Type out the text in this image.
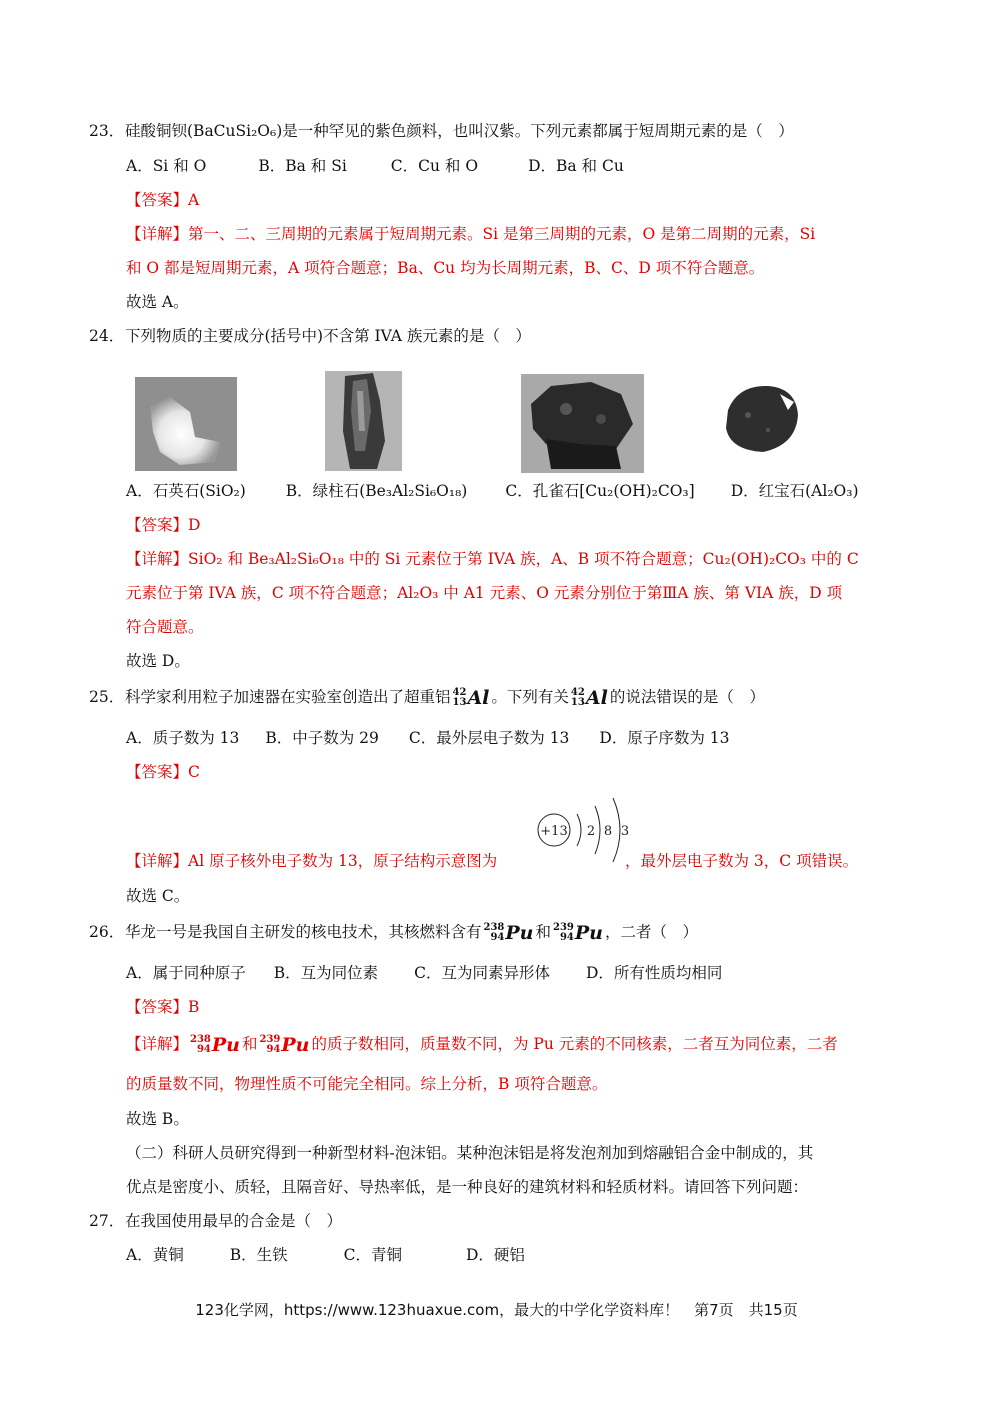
23．硅酸铜钡(BaCuSi₂O₆)是一种罕见的紫色颜料，也叫汉紫。下列元素都属于短周期元素的是（　）
A．Si 和 O	B．Ba 和 Si	C．Cu 和 O	D．Ba 和 Cu
【答案】A
【详解】第一、二、三周期的元素属于短周期元素。Si 是第三周期的元素，O 是第二周期的元素，Si
和 O 都是短周期元素，A 项符合题意；Ba、Cu 均为长周期元素，B、C、D 项不符合题意。
故选 A。
24．下列物质的主要成分(括号中)不含第 IVA 族元素的是（　）
A．石英石(SiO₂)	B．绿柱石(Be₃Al₂Si₆O₁₈) C．孔雀石[Cu₂(OH)₂CO₃] D．红宝石(Al₂O₃)
【答案】D
【详解】SiO₂ 和 Be₃Al₂Si₆O₁₈ 中的 Si 元素位于第 IVA 族，A、B 项不符合题意；Cu₂(OH)₂CO₃ 中的 C
元素位于第 IVA 族，C 项不符合题意；Al₂O₃ 中 A1 元素、O 元素分别位于第ⅢA 族、第 VIA 族，D 项
符合题意。
故选 D。
25．科学家利用粒子加速器在实验室创造出了超重铝 42
13 Al 。下列有关 42
13 Al 的说法错误的是（　）
A．质子数为 13 B．中子数为 29 C．最外层电子数为 13 D．原子序数为 13
【答案】C
+13 2 8 3
【详解】Al 原子核外电子数为 13，原子结构示意图为	，最外层电子数为 3，C 项错误。
故选 C。
26．华龙一号是我国自主研发的核电技术，其核燃料含有 238
94 Pu 和 239
94 Pu ，二者（　）
A．属于同种原子 B．互为同位素 C．互为同素异形体 D．所有性质均相同
【答案】B
【详解】 238
94 Pu 和 239
94 Pu 的质子数相同，质量数不同，为 Pu 元素的不同核素，二者互为同位素，二者
的质量数不同，物理性质不可能完全相同。综上分析，B 项符合题意。
故选 B。
（二）科研人员研究得到一种新型材料-泡沫铝。某种泡沫铝是将发泡剂加到熔融铝合金中制成的，其
优点是密度小、质轻，且隔音好、导热率低，是一种良好的建筑材料和轻质材料。请回答下列问题：
27．在我国使用最早的合金是（　）
A．黄铜	B．生铁	C．青铜	D．硬铝
123化学网，https://www.123huaxue.com，最大的中学化学资料库！　第7页　共15页
